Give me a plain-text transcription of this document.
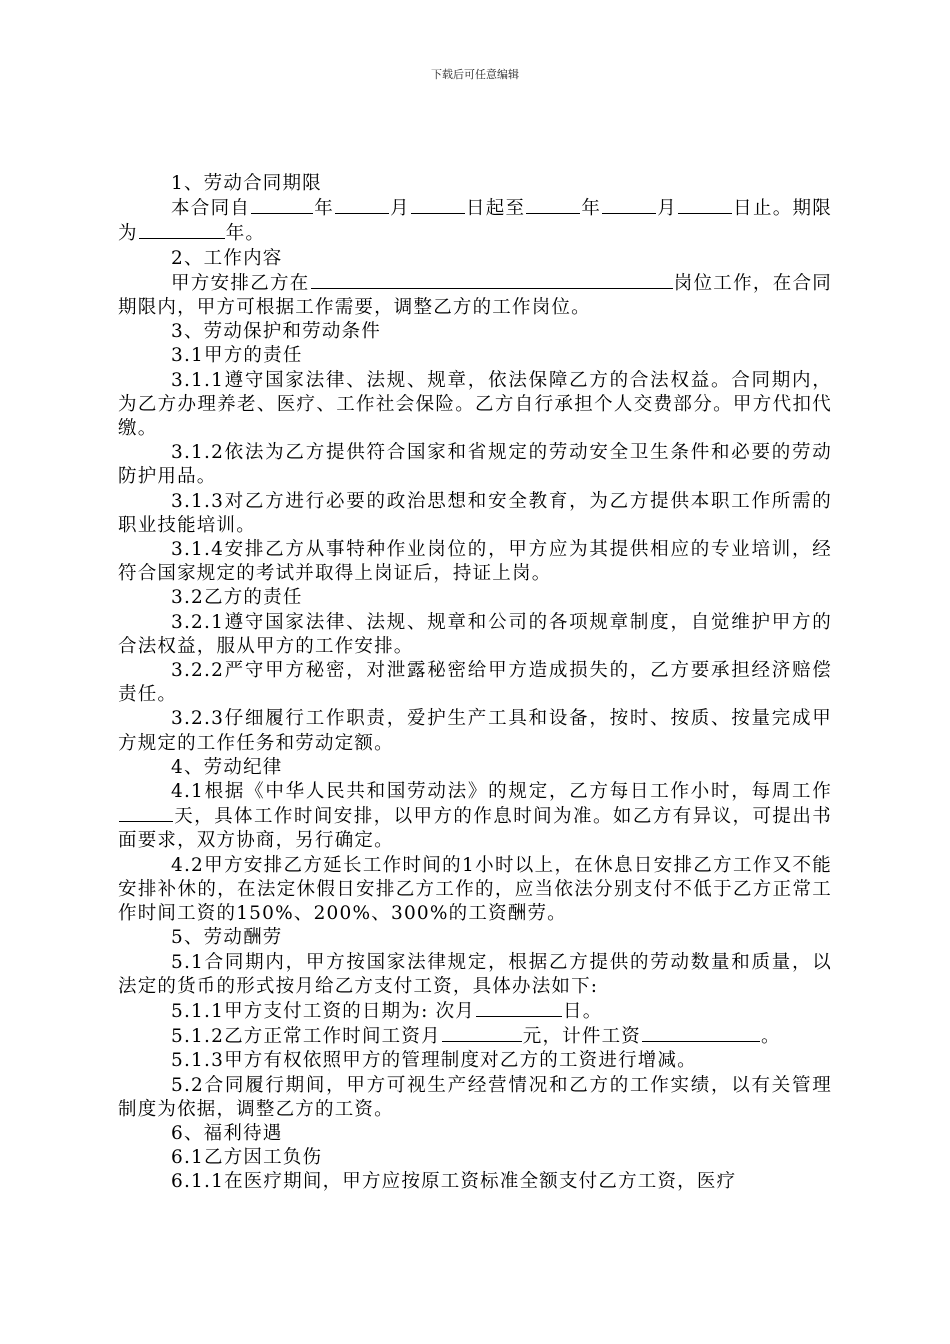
下载后可任意编辑

1、劳动合同期限

本合同自	年	月	日起至	年	月	日止。期限为	年。

2、工作内容

甲方安排乙方在	岗位工作，在合同期限内，甲方可根据工作需要，调整乙方的工作岗位。

3、劳动保护和劳动条件

3.1甲方的责任

3.1.1遵守国家法律、法规、规章，依法保障乙方的合法权益。合同期内，为乙方办理养老、医疗、工作社会保险。乙方自行承担个人交费部分。甲方代扣代缴。

3.1.2依法为乙方提供符合国家和省规定的劳动安全卫生条件和必要的劳动防护用品。

3.1.3对乙方进行必要的政治思想和安全教育，为乙方提供本职工作所需的职业技能培训。

3.1.4安排乙方从事特种作业岗位的，甲方应为其提供相应的专业培训，经符合国家规定的考试并取得上岗证后，持证上岗。

3.2乙方的责任

3.2.1遵守国家法律、法规、规章和公司的各项规章制度，自觉维护甲方的合法权益，服从甲方的工作安排。

3.2.2严守甲方秘密，对泄露秘密给甲方造成损失的，乙方要承担经济赔偿责任。

3.2.3仔细履行工作职责，爱护生产工具和设备，按时、按质、按量完成甲方规定的工作任务和劳动定额。

4、劳动纪律

4.1根据《中华人民共和国劳动法》的规定，乙方每日工作小时，每周工作天，具体工作时间安排，以甲方的作息时间为准。如乙方有异议，可提出书面要求，双方协商，另行确定。

4.2甲方安排乙方延长工作时间的1小时以上，在休息日安排乙方工作又不能安排补休的，在法定休假日安排乙方工作的，应当依法分别支付不低于乙方正常工作时间工资的150%、200%、300%的工资酬劳。

5、劳动酬劳

5.1合同期内，甲方按国家法律规定，根据乙方提供的劳动数量和质量，以法定的货币的形式按月给乙方支付工资，具体办法如下:

5.1.1甲方支付工资的日期为: 次月	日。

5.1.2乙方正常工作时间工资月	元，计件工资	。

5.1.3甲方有权依照甲方的管理制度对乙方的工资进行增减。

5.2合同履行期间，甲方可视生产经营情况和乙方的工作实绩，以有关管理制度为依据，调整乙方的工资。

6、福利待遇

6.1乙方因工负伤

6.1.1在医疗期间，甲方应按原工资标准全额支付乙方工资，医疗
